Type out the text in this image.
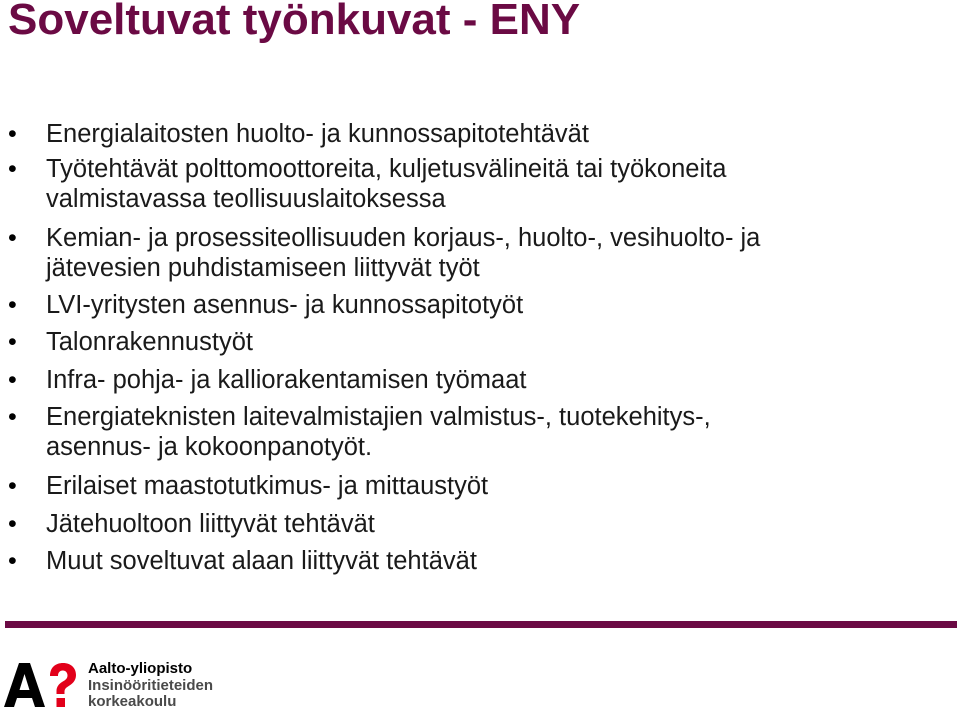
Soveltuvat työnkuvat - ENY
• Energialaitosten huolto- ja kunnossapitotehtävät
• Työtehtävät polttomoottoreita, kuljetusvälineitä tai työkoneita
valmistavassa teollisuuslaitoksessa
• Kemian- ja prosessiteollisuuden korjaus-, huolto-, vesihuolto- ja
jätevesien puhdistamiseen liittyvät työt
• LVI-yritysten asennus- ja kunnossapitotyöt
• Talonrakennustyöt
• Infra- pohja- ja kalliorakentamisen työmaat
• Energiateknisten laitevalmistajien valmistus-, tuotekehitys-,
asennus- ja kokoonpanotyöt.
• Erilaiset maastotutkimus- ja mittaustyöt
• Jätehuoltoon liittyvät tehtävät
• Muut soveltuvat alaan liittyvät tehtävät
Aalto-yliopisto
Insinööritieteiden
korkeakoulu
